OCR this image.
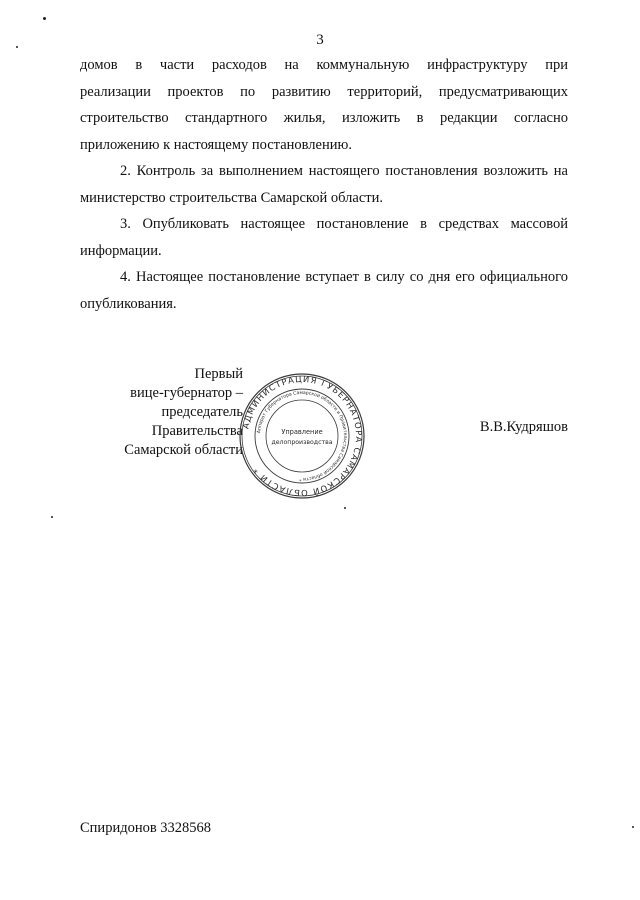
3

домов в части расходов на коммунальную инфраструктуру при

реализации проектов по развитию территорий, предусматривающих

строительство стандартного жилья, изложить в редакции согласно

приложению к настоящему постановлению.

2. Контроль за выполнением настоящего постановления возложить на министерство строительства Самарской области.

3. Опубликовать настоящее постановление в средствах массовой информации.

4. Настоящее постановление вступает в силу со дня его официального опубликования.

Первый
вице-губернатор –
председатель Правительства
Самарской области
АДМИНИСТРАЦИЯ ГУБЕРНАТОРА САМАРСКОЙ ОБЛАСТИ *
Аппарат Губернатора Самарской области и Правительства Самарской области *
Управление
делопроизводства
В.В.Кудряшов
Спиридонов 3328568
